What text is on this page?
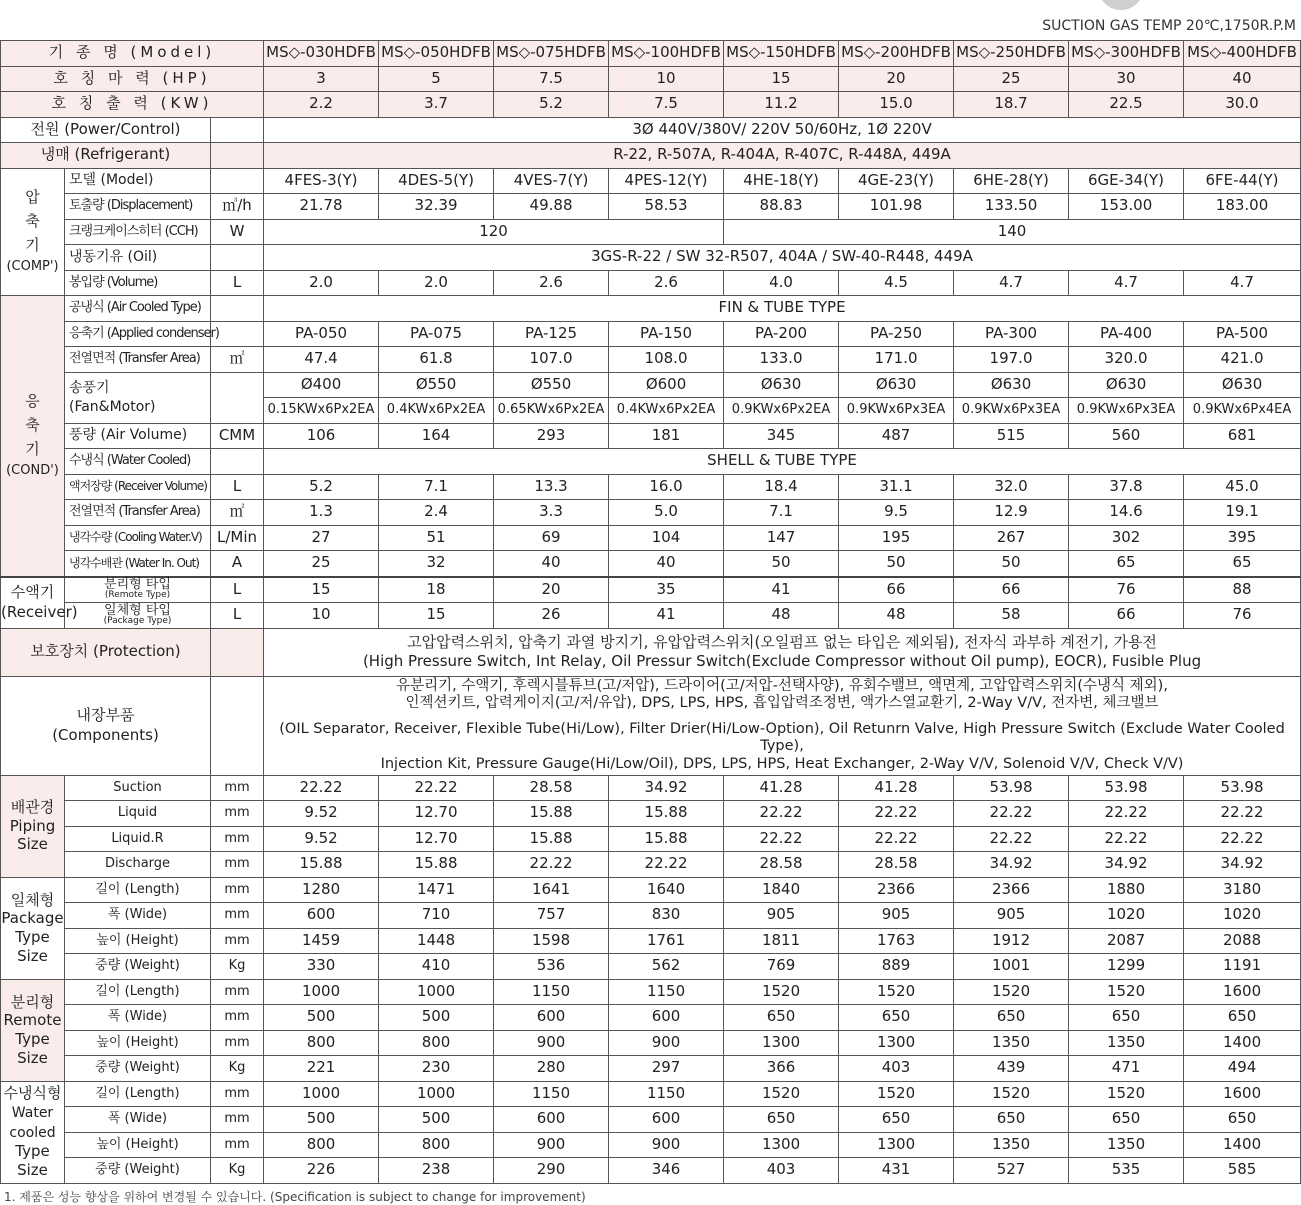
SUCTION GAS TEMP 20℃,1750R.P.M
기 종 명 (Model)			MS◇-030HDFB	MS◇-050HDFB	MS◇-075HDFB	MS◇-100HDFB	MS◇-150HDFB	MS◇-200HDFB	MS◇-250HDFB	MS◇-300HDFB	MS◇-400HDFB
호 칭 마 력 (HP)			3	5	7.5	10	15	20	25	30	40
호 칭 출 력 (KW)			2.2	3.7	5.2	7.5	11.2	15.0	18.7	22.5	30.0
전원 (Power/Control)			3Ø 440V/380V/ 220V 50/60Hz, 1Ø 220V								
냉매 (Refrigerant)			R-22, R-507A, R-404A, R-407C, R-448A, 449A								

압
축
기
(COMP')	모델 (Model)		4FES-3(Y)	4DES-5(Y)	4VES-7(Y)	4PES-12(Y)	4HE-18(Y)	4GE-23(Y)	6HE-28(Y)	6GE-34(Y)	6FE-44(Y)
	토출량 (Displacement)	㎥/h	21.78	32.39	49.88	58.53	88.83	101.98	133.50	153.00	183.00
	크랭크케이스히터 (CCH)	W	120				140				
	냉동기유 (Oil)		3GS-R-22 / SW 32-R507, 404A / SW-40-R448, 449A								
	봉입량 (Volume)	L	2.0	2.0	2.6	2.6	4.0	4.5	4.7	4.7	4.7

응
축
기
(COND')	공냉식 (Air Cooled Type)		FIN & TUBE TYPE								
	응축기 (Applied condenser)		PA-050	PA-075	PA-125	PA-150	PA-200	PA-250	PA-300	PA-400	PA-500
	전열면적 (Transfer Area)	㎡	47.4	61.8	107.0	108.0	133.0	171.0	197.0	320.0	421.0
	송풍기
(Fan&Motor)		Ø400	Ø550	Ø550	Ø600	Ø630	Ø630	Ø630	Ø630	Ø630
			0.15KWx6Px2EA	0.4KWx6Px2EA	0.65KWx6Px2EA	0.4KWx6Px2EA	0.9KWx6Px2EA	0.9KWx6Px3EA	0.9KWx6Px3EA	0.9KWx6Px3EA	0.9KWx6Px4EA
	풍량 (Air Volume)	CMM	106	164	293	181	345	487	515	560	681
	수냉식 (Water Cooled)		SHELL & TUBE TYPE								
	액저장량 (Receiver Volume)	L	5.2	7.1	13.3	16.0	18.4	31.1	32.0	37.8	45.0
	전열면적 (Transfer Area)	㎡	1.3	2.4	3.3	5.0	7.1	9.5	12.9	14.6	19.1
	냉각수량 (Cooling Water.V)	L/Min	27	51	69	104	147	195	267	302	395
	냉각수배관 (Water In. Out)	A	25	32	40	40	50	50	50	65	65
수액기
(Receiver)	분리형 타입
(Remote Type)	L	15	18	20	35	41	66	66	76	88

	일체형 타입
(Package Type)	L	10	15	26	41	48	48	58	66	76
보호장치 (Protection)			고압압력스위치, 압축기 과열 방지기, 유압압력스위치(오일펌프 없는 타입은 제외됨), 전자식 과부하 계전기, 가용전
(High Pressure Switch, Int Relay, Oil Pressur Switch(Exclude Compressor without Oil pump), EOCR), Fusible Plug								
내장부품
(Components)			유분리기, 수액기, 후렉시블튜브(고/저압), 드라이어(고/저압-선택사양), 유회수밸브, 액면계, 고압압력스위치(수냉식 제외),
인젝션키트, 압력게이지(고/저/유압), DPS, LPS, HPS, 흡입압력조정변, 액가스열교환기, 2-Way V/V, 전자변, 체크밸브
(OIL Separator, Receiver, Flexible Tube(Hi/Low), Filter Drier(Hi/Low-Option), Oil Retunrn Valve, High Pressure Switch (Exclude Water Cooled Type),
Injection Kit, Pressure Gauge(Hi/Low/Oil), DPS, LPS, HPS, Heat Exchanger, 2-Way V/V, Solenoid V/V, Check V/V)								
배관경
Piping Size	Suction	mm	22.22	22.22	28.58	34.92	41.28	41.28	53.98	53.98	53.98
	Liquid	mm	9.52	12.70	15.88	15.88	22.22	22.22	22.22	22.22	22.22
	Liquid.R	mm	9.52	12.70	15.88	15.88	22.22	22.22	22.22	22.22	22.22
	Discharge	mm	15.88	15.88	22.22	22.22	28.58	28.58	34.92	34.92	34.92
일체형
Package
Type Size	길이 (Length)	mm	1280	1471	1641	1640	1840	2366	2366	1880	3180
	폭 (Wide)	mm	600	710	757	830	905	905	905	1020	1020
	높이 (Height)	mm	1459	1448	1598	1761	1811	1763	1912	2087	2088
	중량 (Weight)	Kg	330	410	536	562	769	889	1001	1299	1191
분리형
Remote
Type Size	길이 (Length)	mm	1000	1000	1150	1150	1520	1520	1520	1520	1600
	폭 (Wide)	mm	500	500	600	600	650	650	650	650	650
	높이 (Height)	mm	800	800	900	900	1300	1300	1350	1350	1400
	중량 (Weight)	Kg	221	230	280	297	366	403	439	471	494
수냉식형
Water cooled
Type Size	길이 (Length)	mm	1000	1000	1150	1150	1520	1520	1520	1520	1600
	폭 (Wide)	mm	500	500	600	600	650	650	650	650	650
	높이 (Height)	mm	800	800	900	900	1300	1300	1350	1350	1400
	중량 (Weight)	Kg	226	238	290	346	403	431	527	535	585
1. 제품은 성능 향상을 위하여 변경될 수 있습니다. (Specification is subject to change for improvement)
